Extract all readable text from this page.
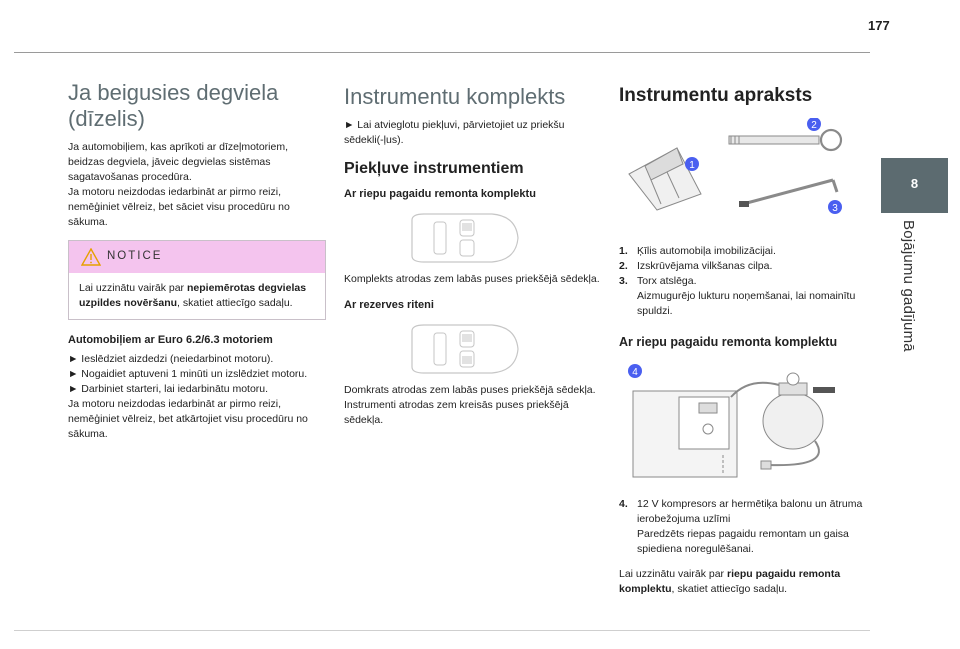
177
8
Bojājumu gadījumā
Ja beigusies degviela (dīzelis)

Ja automobiļiem, kas aprīkoti ar dīzeļmotoriem,

beidzas degviela, jāveic degvielas sistēmas

sagatavošanas procedūra.

Ja motoru neizdodas iedarbināt ar pirmo reizi,

nemēģiniet vēlreiz, bet sāciet visu procedūru no

sākuma.

NOTICE
Lai uzzinātu vairāk par nepiemērotas degvielas uzpildes novēršanu, skatiet attiecīgo sadaļu.
Automobiļiem ar Euro 6.2/6.3 motoriem

► Ieslēdziet aizdedzi (neiedarbinot motoru).

► Nogaidiet aptuveni 1 minūti un izslēdziet motoru.

► Darbiniet starteri, lai iedarbinātu motoru.

Ja motoru neizdodas iedarbināt ar pirmo reizi, nemēģiniet vēlreiz, bet atkārtojiet visu procedūru no sākuma.

Instrumentu komplekts

► Lai atvieglotu piekļuvi, pārvietojiet uz priekšu sēdekli(-ļus).

Piekļuve instrumentiem
Ar riepu pagaidu remonta komplektu

Komplekts atrodas zem labās puses priekšējā sēdekļa.

Ar rezerves riteni

Domkrats atrodas zem labās puses priekšējā sēdekļa.

Instrumenti atrodas zem kreisās puses priekšējā sēdekļa.

Instrumentu apraksts
1
2
3
1. Ķīlis automobiļa imobilizācijai.
2. Izskrūvējama vilkšanas cilpa.
3. Torx atslēga.
Aizmugurējo lukturu noņemšanai, lai nomainītu spuldzi.
Ar riepu pagaidu remonta komplektu
4
4. 12 V kompresors ar hermētiķa balonu un ātruma ierobežojuma uzlīmi
Paredzēts riepas pagaidu remontam un gaisa spiediena noregulēšanai.

Lai uzzinātu vairāk par riepu pagaidu remonta komplektu, skatiet attiecīgo sadaļu.
